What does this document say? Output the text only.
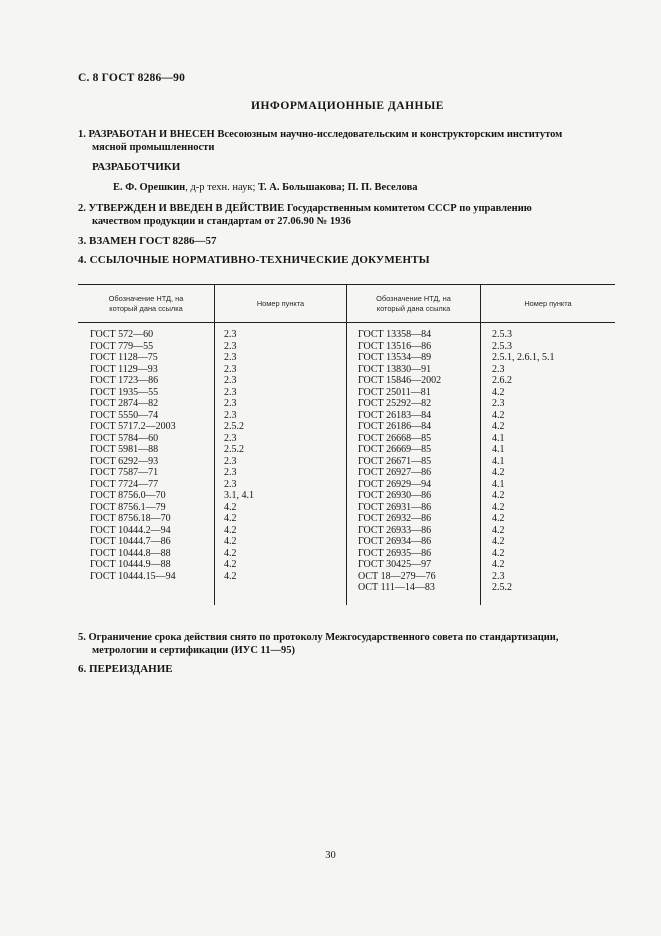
С. 8 ГОСТ 8286—90
ИНФОРМАЦИОННЫЕ ДАННЫЕ
1. РАЗРАБОТАН И ВНЕСЕН Всесоюзным научно-исследовательским и конструкторским институтом
мясной промышленности
РАЗРАБОТЧИКИ
Е. Ф. Орешкин, д-р техн. наук; Т. А. Большакова; П. П. Веселова
2. УТВЕРЖДЕН И ВВЕДЕН В ДЕЙСТВИЕ Государственным комитетом СССР по управлению
качеством продукции и стандартам от 27.06.90 № 1936
3. ВЗАМЕН ГОСТ 8286—57
4. ССЫЛОЧНЫЕ НОРМАТИВНО-ТЕХНИЧЕСКИЕ ДОКУМЕНТЫ
Обозначение НТД, на
который дана ссылка
Номер пункта
Обозначение НТД, на
который дана ссылка
Номер пункта
ГОСТ 572—60
ГОСТ 779—55
ГОСТ 1128—75
ГОСТ 1129—93
ГОСТ 1723—86
ГОСТ 1935—55
ГОСТ 2874—82
ГОСТ 5550—74
ГОСТ 5717.2—2003
ГОСТ 5784—60
ГОСТ 5981—88
ГОСТ 6292—93
ГОСТ 7587—71
ГОСТ 7724—77
ГОСТ 8756.0—70
ГОСТ 8756.1—79
ГОСТ 8756.18—70
ГОСТ 10444.2—94
ГОСТ 10444.7—86
ГОСТ 10444.8—88
ГОСТ 10444.9—88
ГОСТ 10444.15—94
2.3
2.3
2.3
2.3
2.3
2.3
2.3
2.3
2.5.2
2.3
2.5.2
2.3
2.3
2.3
3.1, 4.1
4.2
4.2
4.2
4.2
4.2
4.2
4.2
ГОСТ 13358—84
ГОСТ 13516—86
ГОСТ 13534—89
ГОСТ 13830—91
ГОСТ 15846—2002
ГОСТ 25011—81
ГОСТ 25292—82
ГОСТ 26183—84
ГОСТ 26186—84
ГОСТ 26668—85
ГОСТ 26669—85
ГОСТ 26671—85
ГОСТ 26927—86
ГОСТ 26929—94
ГОСТ 26930—86
ГОСТ 26931—86
ГОСТ 26932—86
ГОСТ 26933—86
ГОСТ 26934—86
ГОСТ 26935—86
ГОСТ 30425—97
ОСТ 18—279—76
ОСТ 111—14—83
2.5.3
2.5.3
2.5.1, 2.6.1, 5.1
2.3
2.6.2
4.2
2.3
4.2
4.2
4.1
4.1
4.1
4.2
4.1
4.2
4.2
4.2
4.2
4.2
4.2
4.2
2.3
2.5.2
5. Ограничение срока действия снято по протоколу Межгосударственного совета по стандартизации,
метрологии и сертификации (ИУС 11—95)
6. ПЕРЕИЗДАНИЕ
30
